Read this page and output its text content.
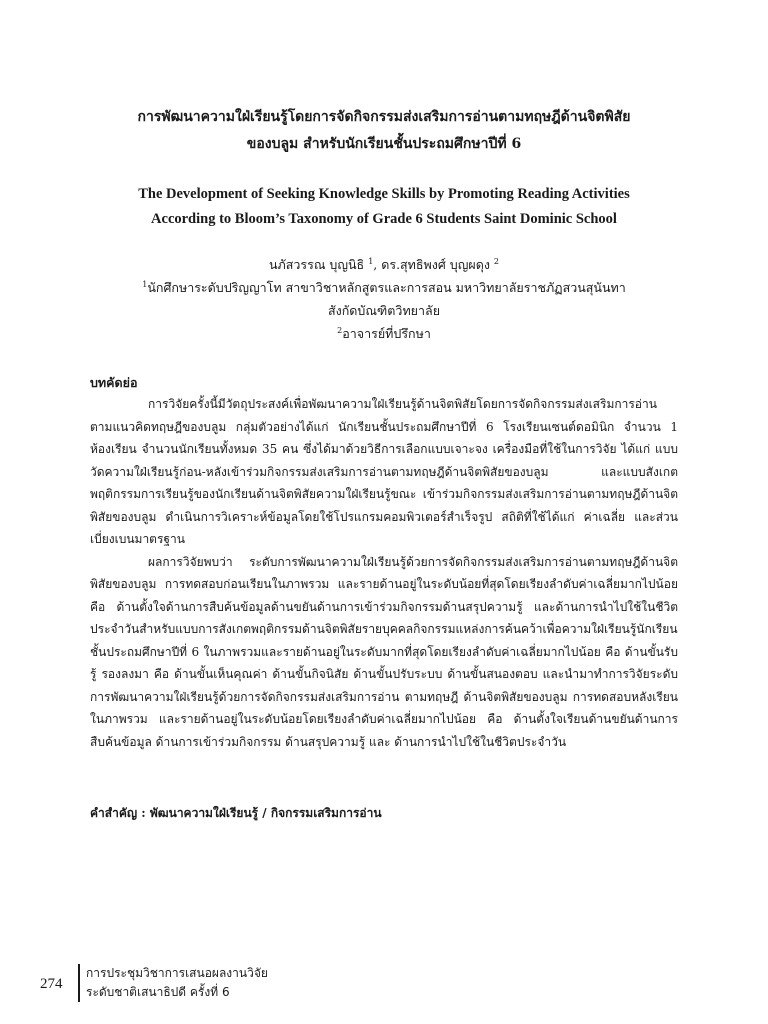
การพัฒนาความใฝ่เรียนรู้โดยการจัดกิจกรรมส่งเสริมการอ่านตามทฤษฎีด้านจิตพิสัย
ของบลูม สำหรับนักเรียนชั้นประถมศึกษาปีที่ 6
The Development of Seeking Knowledge Skills by Promoting Reading Activities
According to Bloom’s Taxonomy of Grade 6 Students Saint Dominic School
นภัสวรรณ บุญนิธิ $^1$, ดร.สุทธิพงศ์ บุญผดุง $^2$
$^1$นักศึกษาระดับปริญญาโท สาขาวิชาหลักสูตรและการสอน มหาวิทยาลัยราชภัฏสวนสุนันทา
สังกัดบัณฑิตวิทยาลัย
$^2$อาจารย์ที่ปรึกษา
บทคัดย่อ

การวิจัยครั้งนี้มีวัตถุประสงค์เพื่อพัฒนาความใฝ่เรียนรู้ด้านจิตพิสัยโดยการจัดกิจกรรมส่งเสริมการอ่านตามแนวคิดทฤษฎีของบลูม กลุ่มตัวอย่างได้แก่ นักเรียนชั้นประถมศึกษาปีที่ 6 โรงเรียนเซนต์ดอมินิก จำนวน 1 ห้องเรียน จำนวนนักเรียนทั้งหมด 35 คน ซึ่งได้มาด้วยวิธีการเลือกแบบเจาะจง เครื่องมือที่ใช้ในการวิจัย ได้แก่ แบบวัดความใฝ่เรียนรู้ก่อน-หลังเข้าร่วมกิจกรรมส่งเสริมการอ่านตามทฤษฎีด้านจิตพิสัยของบลูม และแบบสังเกตพฤติกรรมการเรียนรู้ของนักเรียนด้านจิตพิสัยความใฝ่เรียนรู้ขณะ เข้าร่วมกิจกรรมส่งเสริมการอ่านตามทฤษฎีด้านจิตพิสัยของบลูม ดำเนินการวิเคราะห์ข้อมูลโดยใช้โปรแกรมคอมพิวเตอร์สำเร็จรูป สถิติที่ใช้ได้แก่ ค่าเฉลี่ย และส่วนเบี่ยงเบนมาตรฐาน

ผลการวิจัยพบว่า ระดับการพัฒนาความใฝ่เรียนรู้ด้วยการจัดกิจกรรมส่งเสริมการอ่านตามทฤษฎีด้านจิตพิสัยของบลูม การทดสอบก่อนเรียนในภาพรวม และรายด้านอยู่ในระดับน้อยที่สุดโดยเรียงลำดับค่าเฉลี่ยมากไปน้อย คือ ด้านตั้งใจด้านการสืบค้นข้อมูลด้านขยันด้านการเข้าร่วมกิจกรรมด้านสรุปความรู้ และด้านการนำไปใช้ในชีวิตประจำวันสำหรับแบบการสังเกตพฤติกรรมด้านจิตพิสัยรายบุคคลกิจกรรมแหล่งการค้นคว้าเพื่อความใฝ่เรียนรู้นักเรียนชั้นประถมศึกษาปีที่ 6 ในภาพรวมและรายด้านอยู่ในระดับมากที่สุดโดยเรียงลำดับค่าเฉลี่ยมากไปน้อย คือ ด้านขั้นรับรู้ รองลงมา คือ ด้านขั้นเห็นคุณค่า ด้านขั้นกิจนิสัย ด้านขั้นปรับระบบ ด้านขั้นสนองตอบ และนำมาทำการวิจัยระดับการพัฒนาความใฝ่เรียนรู้ด้วยการจัดกิจกรรมส่งเสริมการอ่าน ตามทฤษฎี ด้านจิตพิสัยของบลูม การทดสอบหลังเรียนในภาพรวม และรายด้านอยู่ในระดับน้อยโดยเรียงลำดับค่าเฉลี่ยมากไปน้อย คือ ด้านตั้งใจเรียนด้านขยันด้านการสืบค้นข้อมูล ด้านการเข้าร่วมกิจกรรม ด้านสรุปความรู้ และ ด้านการนำไปใช้ในชีวิตประจำวัน

คำสำคัญ : พัฒนาความใฝ่เรียนรู้ / กิจกรรมเสริมการอ่าน
274
การประชุมวิชาการเสนอผลงานวิจัย
ระดับชาติเสนาธิปดี ครั้งที่ 6
